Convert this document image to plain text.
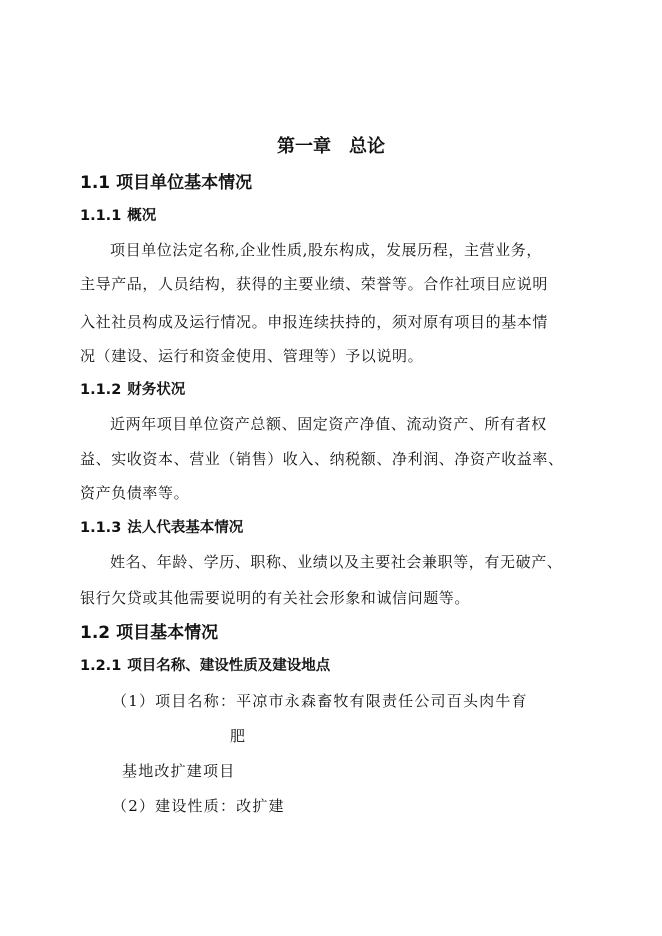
第一章 总论
1.1 项目单位基本情况
1.1.1 概况
项目单位法定名称,企业性质,股东构成，发展历程，主营业务，
主导产品，人员结构，获得的主要业绩、荣誉等。合作社项目应说明
入社社员构成及运行情况。申报连续扶持的，须对原有项目的基本情
况（建设、运行和资金使用、管理等）予以说明。
1.1.2 财务状况
近两年项目单位资产总额、固定资产净值、流动资产、所有者权
益、实收资本、营业（销售）收入、纳税额、净利润、净资产收益率、
资产负债率等。
1.1.3 法人代表基本情况
姓名、年龄、学历、职称、业绩以及主要社会兼职等，有无破产、
银行欠贷或其他需要说明的有关社会形象和诚信问题等。
1.2 项目基本情况
1.2.1 项目名称、建设性质及建设地点
（1）项目名称：平凉市永森畜牧有限责任公司百头肉牛育
肥
基地改扩建项目
（2）建设性质：改扩建
